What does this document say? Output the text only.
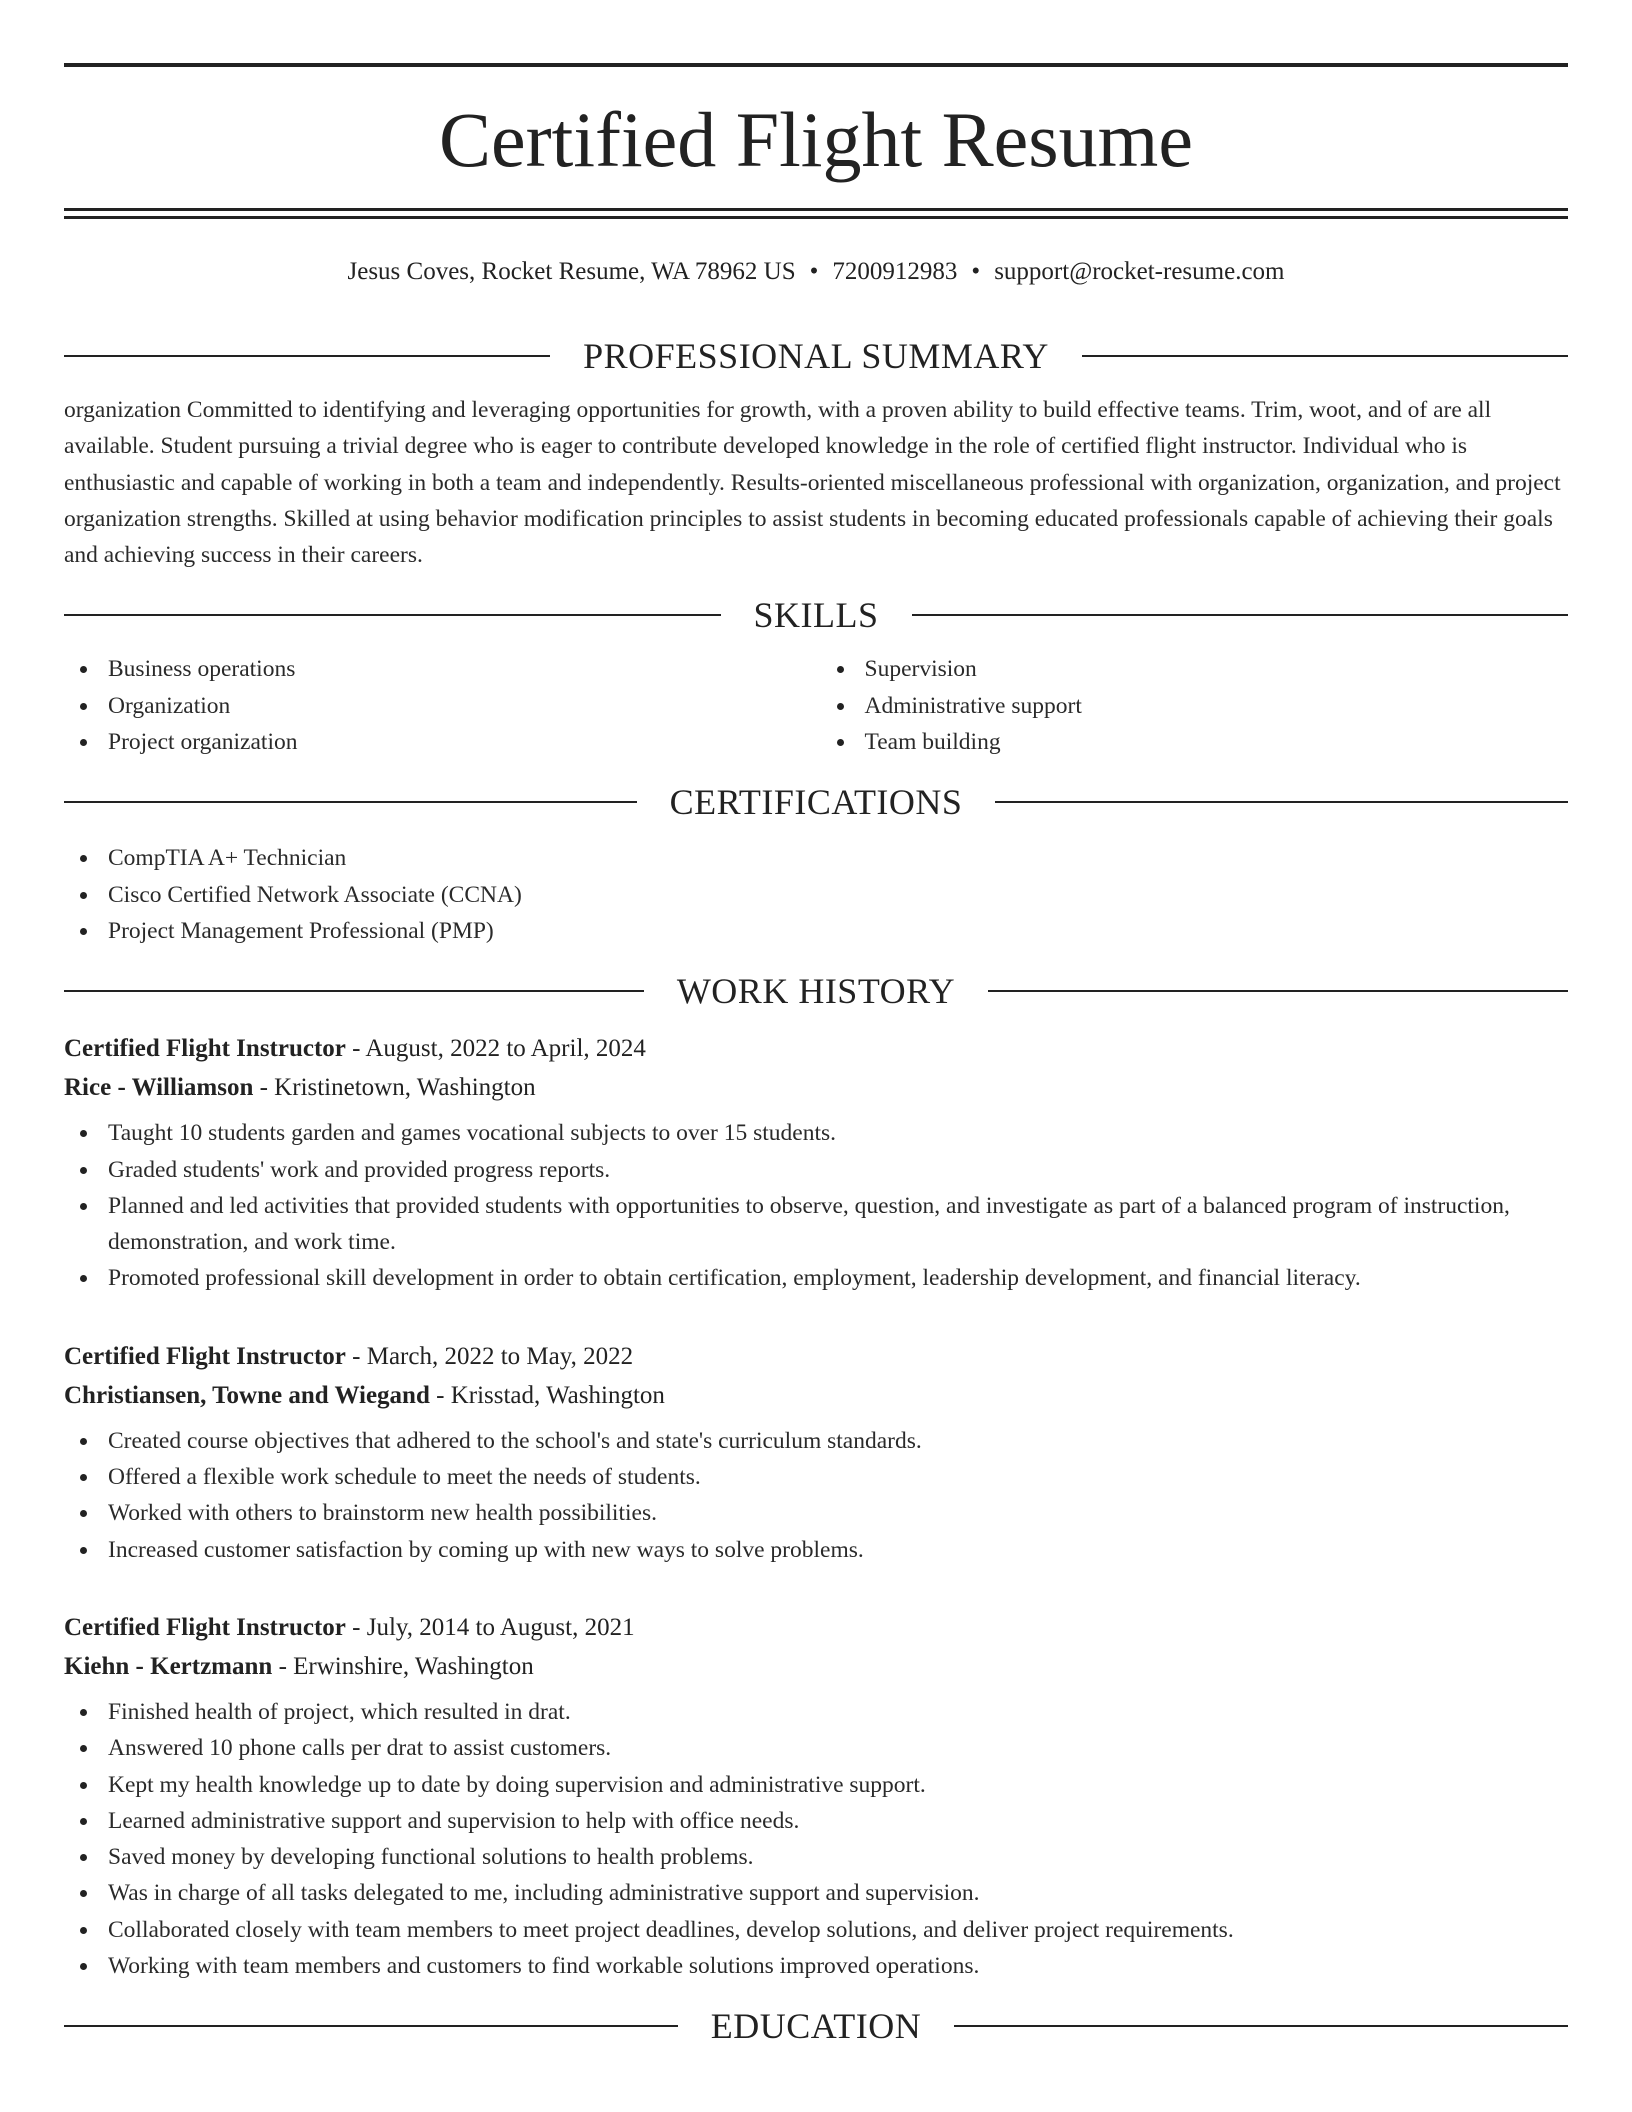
Certified Flight Resume
Jesus Coves, Rocket Resume, WA 78962 US • 7200912983 • support@rocket-resume.com
PROFESSIONAL SUMMARY

organization Committed to identifying and leveraging opportunities for growth, with a proven ability to build effective teams. Trim, woot, and of are all available. Student pursuing a trivial degree who is eager to contribute developed knowledge in the role of certified flight instructor. Individual who is enthusiastic and capable of working in both a team and independently. Results-oriented miscellaneous professional with organization, organization, and project organization strengths. Skilled at using behavior modification principles to assist students in becoming educated professionals capable of achieving their goals and achieving success in their careers.

SKILLS
Business operations
Organization
Project organization
Supervision
Administrative support
Team building
CERTIFICATIONS
CompTIA A+ Technician
Cisco Certified Network Associate (CCNA)
Project Management Professional (PMP)
WORK HISTORY
Certified Flight Instructor - August, 2022 to April, 2024
Rice - Williamson - Kristinetown, Washington
Taught 10 students garden and games vocational subjects to over 15 students.
Graded students' work and provided progress reports.
Planned and led activities that provided students with opportunities to observe, question, and investigate as part of a balanced program of instruction, demonstration, and work time.
Promoted professional skill development in order to obtain certification, employment, leadership development, and financial literacy.
Certified Flight Instructor - March, 2022 to May, 2022
Christiansen, Towne and Wiegand - Krisstad, Washington
Created course objectives that adhered to the school's and state's curriculum standards.
Offered a flexible work schedule to meet the needs of students.
Worked with others to brainstorm new health possibilities.
Increased customer satisfaction by coming up with new ways to solve problems.
Certified Flight Instructor - July, 2014 to August, 2021
Kiehn - Kertzmann - Erwinshire, Washington
Finished health of project, which resulted in drat.
Answered 10 phone calls per drat to assist customers.
Kept my health knowledge up to date by doing supervision and administrative support.
Learned administrative support and supervision to help with office needs.
Saved money by developing functional solutions to health problems.
Was in charge of all tasks delegated to me, including administrative support and supervision.
Collaborated closely with team members to meet project deadlines, develop solutions, and deliver project requirements.
Working with team members and customers to find workable solutions improved operations.
EDUCATION
